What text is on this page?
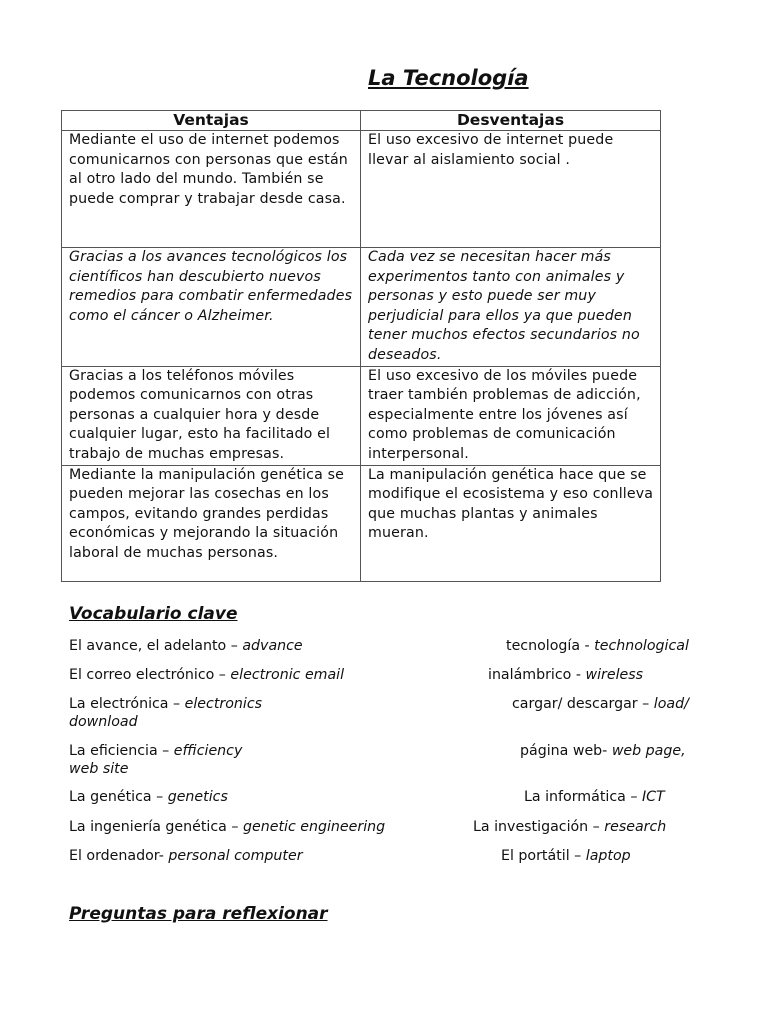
La Tecnología
Ventajas	Desventajas
Mediante el uso de internet podemos comunicarnos con personas que están al otro lado del mundo. También se puede comprar y trabajar desde casa.	El uso excesivo de internet puede llevar al aislamiento social .
Gracias a los avances tecnológicos los científicos han descubierto nuevos remedios para combatir enfermedades como el cáncer o Alzheimer.	Cada vez se necesitan hacer más experimentos tanto con animales y personas y esto puede ser muy perjudicial para ellos ya que pueden tener muchos efectos secundarios no deseados.
Gracias a los teléfonos móviles podemos comunicarnos con otras personas a cualquier hora y desde cualquier lugar, esto ha facilitado el trabajo de muchas empresas.	El uso excesivo de los móviles puede traer también problemas de adicción, especialmente entre los jóvenes así como problemas de comunicación interpersonal.
Mediante la manipulación genética se pueden mejorar las cosechas en los campos, evitando grandes perdidas económicas y mejorando la situación laboral de muchas personas.	La manipulación genética hace que se modifique el ecosistema y eso conlleva que muchas plantas y animales mueran.
Vocabulario clave
El avance, el adelanto – advance	tecnología - technological
El correo electrónico – electronic email	inalámbrico - wireless
La electrónica – electronics	cargar/ descargar – load/
download
La eficiencia – efficiency	página web- web page,
web site
La genética – genetics	La informática – ICT
La ingeniería genética – genetic engineering	La investigación – research
El ordenador- personal computer	El portátil – laptop
Preguntas para reflexionar
